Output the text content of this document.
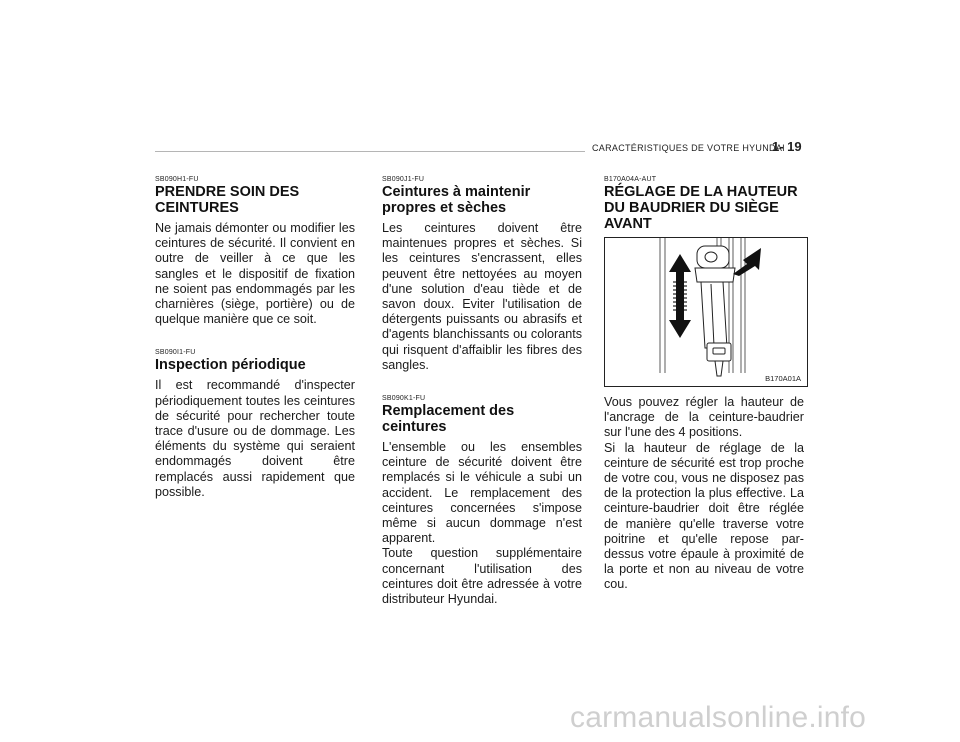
CARACTÉRISTIQUES DE VOTRE HYUNDAI
1- 19
SB090H1-FU
PRENDRE SOIN DES CEINTURES

Ne jamais démonter ou modifier les ceintures de sécurité. Il convient en outre de veiller à ce que les sangles et le dispositif de fixation ne soient pas endommagés par les charnières (siège, portière) ou de quelque manière que ce soit.

SB090I1-FU
Inspection périodique

Il est recommandé d'inspecter périodiquement toutes les ceintures de sécurité pour rechercher toute trace d'usure ou de dommage. Les éléments du système qui seraient endommagés doivent être remplacés aussi rapidement que possible.

SB090J1-FU
Ceintures à maintenir propres et sèches

Les ceintures doivent être maintenues propres et sèches. Si les ceintures s'encrassent, elles peuvent être nettoyées au moyen d'une solution d'eau tiède et de savon doux. Eviter l'utilisation de détergents puissants ou abrasifs et d'agents blanchissants ou colorants qui risquent d'affaiblir les fibres des sangles.

SB090K1-FU
Remplacement des ceintures

L'ensemble ou les ensembles ceinture de sécurité doivent être remplacés si le véhicule a subi un accident. Le remplacement des ceintures concernées s'impose même si aucun dommage n'est apparent.
Toute question supplémentaire concernant l'utilisation des ceintures doit être adressée à votre distributeur Hyundai.

B170A04A-AUT
RÉGLAGE DE LA HAUTEUR DU BAUDRIER DU SIÈGE AVANT
B170A01A

Vous pouvez régler la hauteur de l'ancrage de la ceinture-baudrier sur l'une des 4 positions.
Si la hauteur de réglage de la ceinture de sécurité est trop proche de votre cou, vous ne disposez pas de la protection la plus effective. La ceinture-baudrier doit être réglée de manière qu'elle traverse votre poitrine et qu'elle repose par-dessus votre épaule à proximité de la porte et non au niveau de votre cou.

carmanualsonline.info
